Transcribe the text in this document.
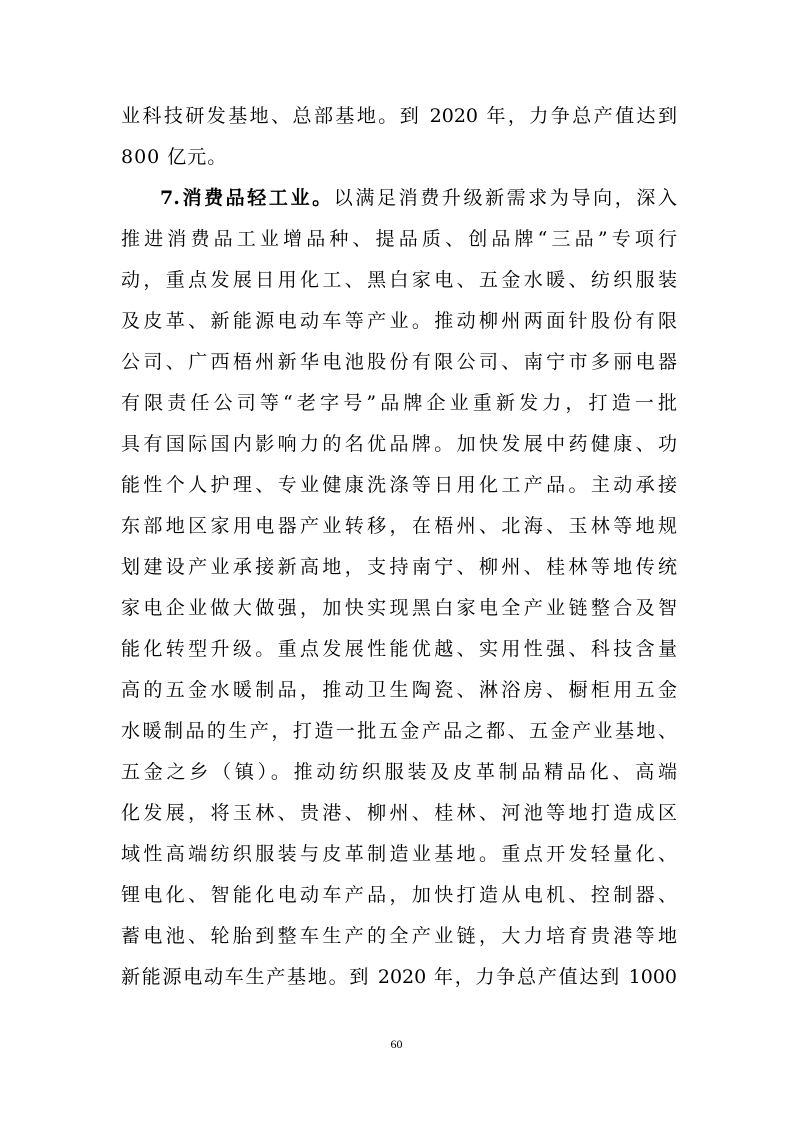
业科技研发基地、总部基地。到 2020 年，力争总产值达到
800 亿元。
7.消费品轻工业。以满足消费升级新需求为导向，深入
推进消费品工业增品种、提品质、创品牌“三品”专项行
动，重点发展日用化工、黑白家电、五金水暖、纺织服装
及皮革、新能源电动车等产业。推动柳州两面针股份有限
公司、广西梧州新华电池股份有限公司、南宁市多丽电器
有限责任公司等“老字号”品牌企业重新发力，打造一批
具有国际国内影响力的名优品牌。加快发展中药健康、功
能性个人护理、专业健康洗涤等日用化工产品。主动承接
东部地区家用电器产业转移，在梧州、北海、玉林等地规
划建设产业承接新高地，支持南宁、柳州、桂林等地传统
家电企业做大做强，加快实现黑白家电全产业链整合及智
能化转型升级。重点发展性能优越、实用性强、科技含量
高的五金水暖制品，推动卫生陶瓷、淋浴房、橱柜用五金
水暖制品的生产，打造一批五金产品之都、五金产业基地、
五金之乡（镇）。推动纺织服装及皮革制品精品化、高端
化发展，将玉林、贵港、柳州、桂林、河池等地打造成区
域性高端纺织服装与皮革制造业基地。重点开发轻量化、
锂电化、智能化电动车产品，加快打造从电机、控制器、
蓄电池、轮胎到整车生产的全产业链，大力培育贵港等地
新能源电动车生产基地。到 2020 年，力争总产值达到 1000
60
